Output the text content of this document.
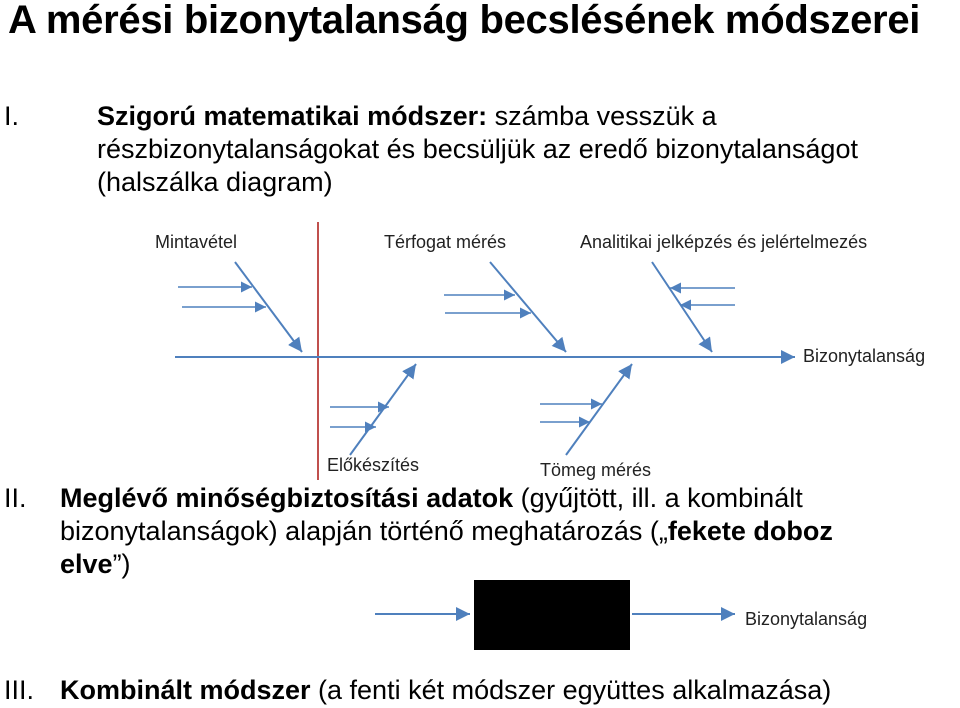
A mérési bizonytalanság becslésének módszerei
I.	Szigorú matematikai módszer: számba vesszük a
részbizonytalanságokat és becsüljük az eredő bizonytalanságot
(halszálka diagram)
Mintavétel	Térfogat mérés	Analitikai jelképzés és jelértelmezés
Bizonytalanság
Előkészítés	Tömeg mérés
II. Meglévő minőségbiztosítási adatok (gyűjtött, ill. a kombinált
bizonytalanságok) alapján történő meghatározás („fekete doboz
elve”)
Bizonytalanság
III. Kombinált módszer (a fenti két módszer együttes alkalmazása)
